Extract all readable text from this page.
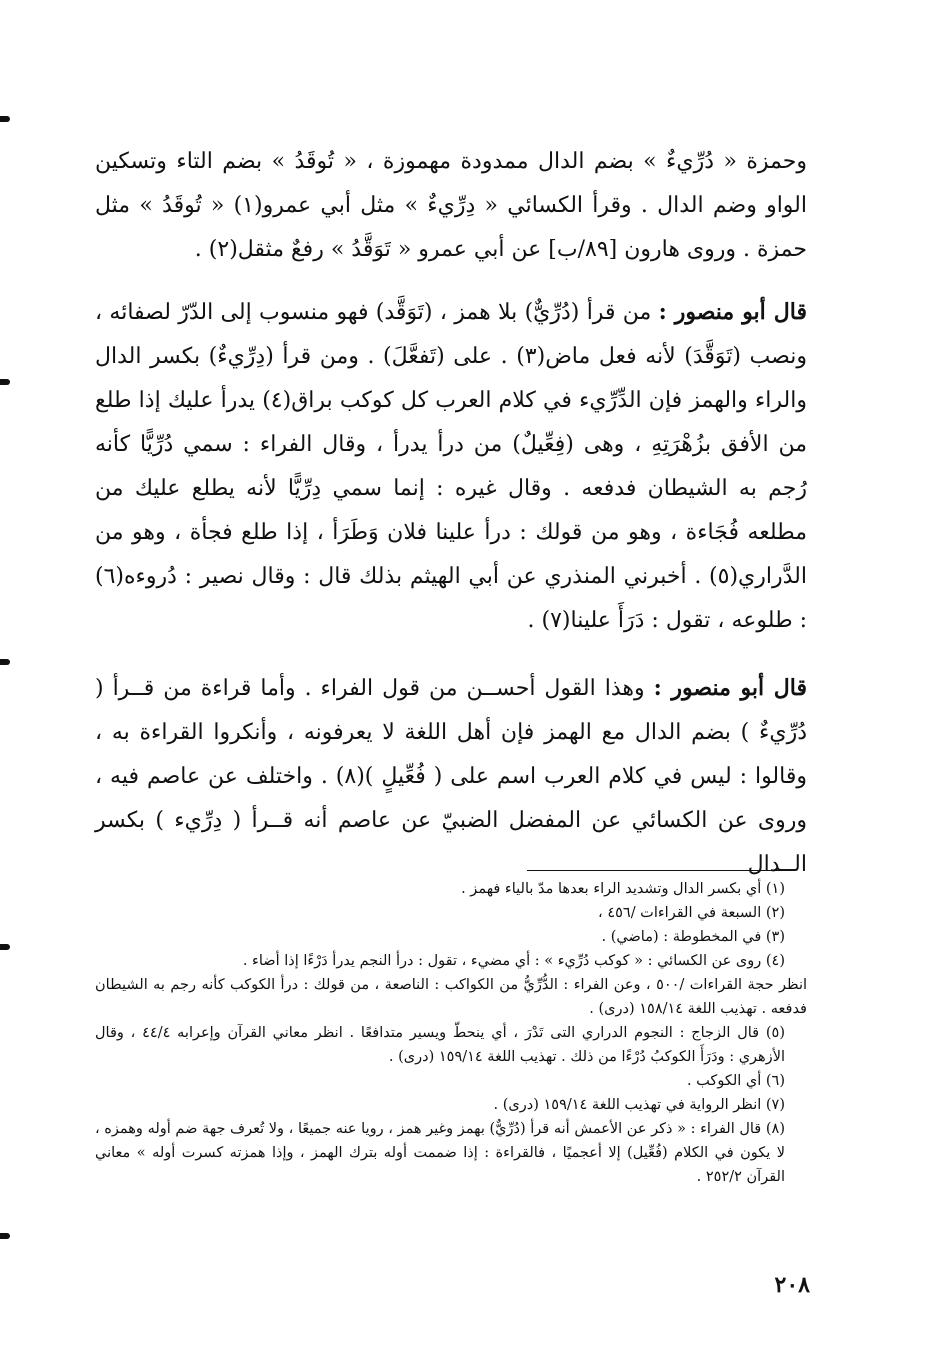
وحمزة « دُرِّيءٌ » بضم الدال ممدودة مهموزة ، « تُوقَدُ » بضم التاء وتسكين الواو وضم الدال . وقرأ الكسائي « دِرِّيءٌ » مثل أبي عمرو(١) « تُوقَدُ » مثل حمزة . وروى هارون [٨٩/ب] عن أبي عمرو « تَوَقَّدُ » رفعٌ مثقل(٢) .

قال أبو منصور : من قرأ (دُرِّيٌّ) بلا همز ، (تَوَقَّد) فهو منسوب إلى الدّرّ لصفائه ، ونصب (تَوَقَّدَ) لأنه فعل ماض(٣) . على (تَفعَّلَ) . ومن قرأ (دِرِّيءٌ) بكسر الدال والراء والهمز فإن الدِّرِّيء في كلام العرب كل كوكب براق(٤) يدرأ عليك إذا طلع من الأفق بزُهْرَتِهِ ، وهى (فِعِّيلٌ) من درأ يدرأ ، وقال الفراء : سمي دُرِّيًّا كأنه رُجم به الشيطان فدفعه . وقال غيره : إنما سمي دِرِّيًّا لأنه يطلع عليك من مطلعه فُجَاءة ، وهو من قولك : درأ علينا فلان وَطَرَأ ، إذا طلع فجأة ، وهو من الدَّراري(٥) . أخبرني المنذري عن أبي الهيثم بذلك قال : وقال نصير : دُروءه(٦) : طلوعه ، تقول : دَرَأَ علينا(٧) .

قال أبو منصور : وهذا القول أحســن من قول الفراء . وأما قراءة من قــرأ ( دُرِّيءٌ ) بضم الدال مع الهمز فإن أهل اللغة لا يعرفونه ، وأنكروا القراءة به ، وقالوا : ليس في كلام العرب اسم على ( فُعِّيلٍ )(٨) . واختلف عن عاصم فيه ، وروى عن الكسائي عن المفضل الضبيّ عن عاصم أنه قــرأ ( دِرِّيء ) بكسر الــدال

(١) أي بكسر الدال وتشديد الراء بعدها مدّ بالياء فهمز .

(٢) السبعة في القراءات /٤٥٦ ،

(٣) في المخطوطة : (ماضي) .

(٤) روى عن الكسائي : « كوكب دُرِّيء » : أي مضيء ، تقول : درأ النجم يدرأ دَرْءًا إذا أضاء .

انظر حجة القراءات /٥٠٠ ، وعن الفراء : الدُّرِّيُّ من الكواكب : الناصعة ، من قولك : درأ الكوكب كأنه رجم به الشيطان فدفعه . تهذيب اللغة ١٥٨/١٤ (درى) .

(٥) قال الزجاج : النجوم الدراري التى تَدْرَ ، أي ينحطّ ويسير متدافعًا . انظر معاني القرآن وإعرابه ٤٤/٤ ، وقال الأزهري : ودَرَأَ الكوكبُ دُرْءًا من ذلك . تهذيب اللغة ١٥٩/١٤ (درى) .

(٦) أي الكوكب .

(٧) انظر الرواية في تهذيب اللغة ١٥٩/١٤ (درى) .

(٨) قال الفراء : « ذكر عن الأعمش أنه قرأ (دُرِّيٌّ) بهمز وغير همز ، رويا عنه جميعًا ، ولا تُعرف جهة ضم أوله وهمزه ، لا يكون في الكلام (فُعِّيل) إلا أعجميًا ، فالقراءة : إذا ضممت أوله بترك الهمز ، وإذا همزته كسرت أوله » معاني القرآن ٢٥٢/٢ .

٢٠٨
